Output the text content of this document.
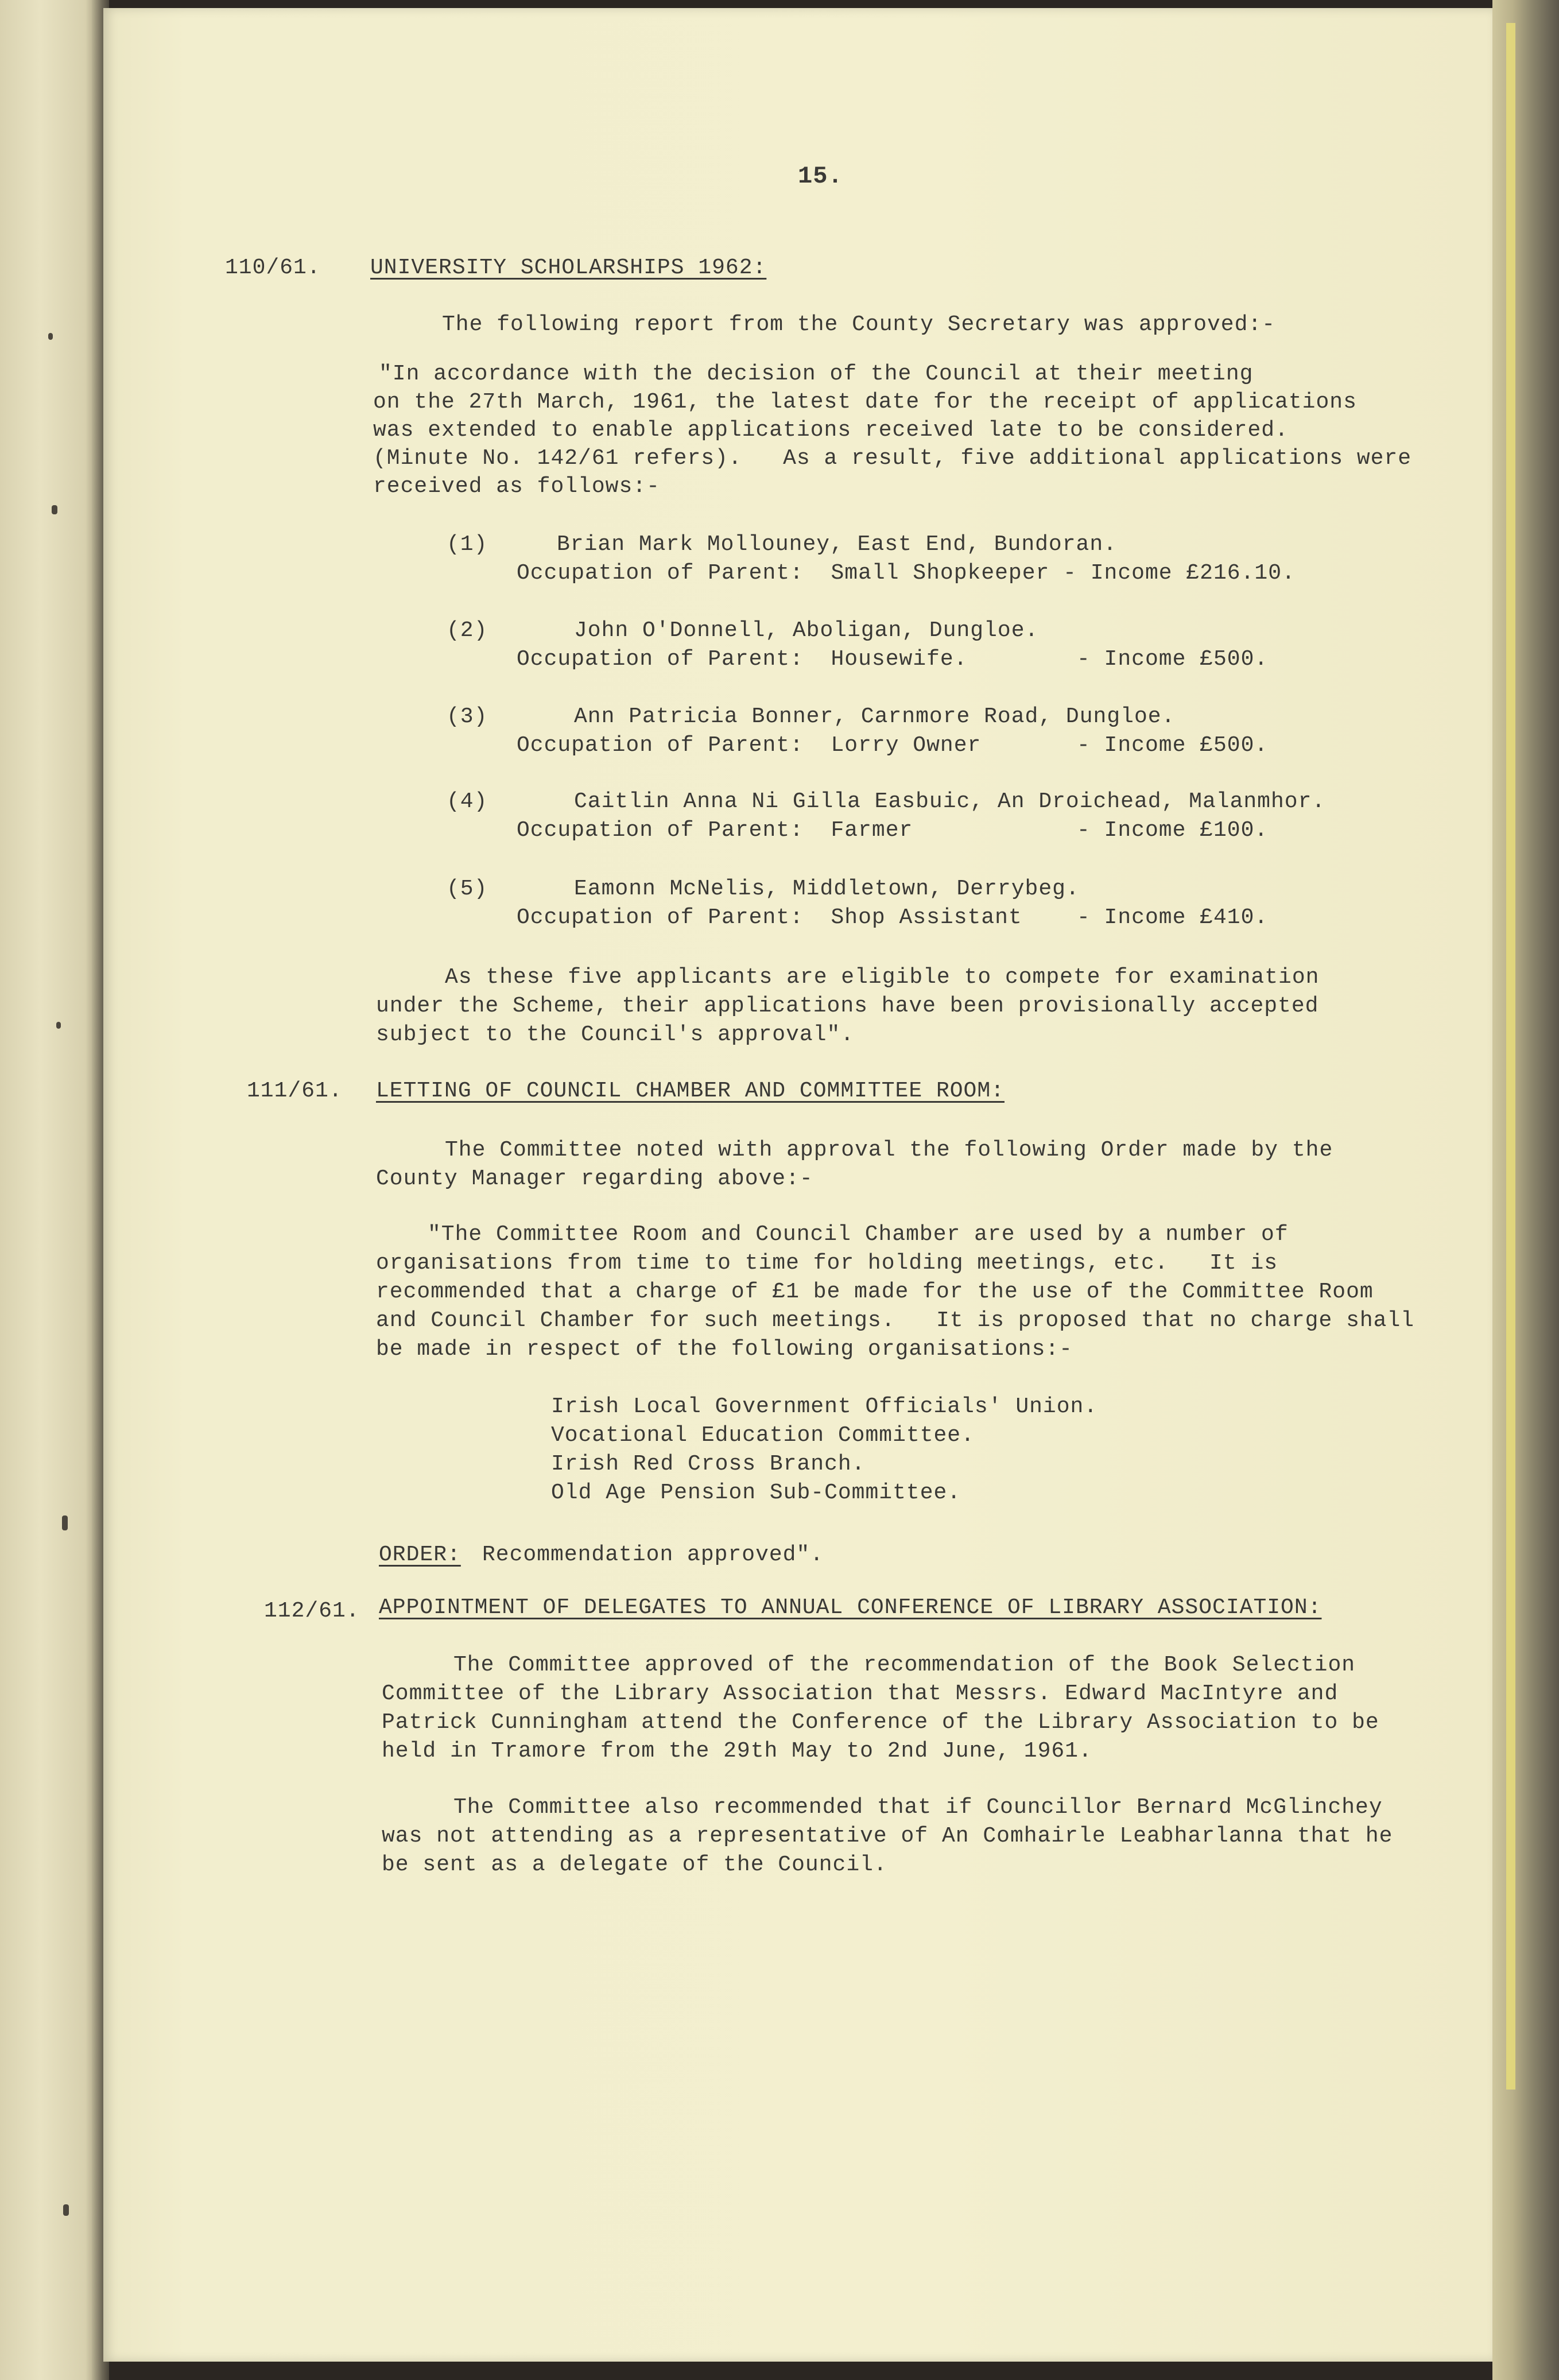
15.
110/61. UNIVERSITY SCHOLARSHIPS 1962:
The following report from the County Secretary was approved:-
"In accordance with the decision of the Council at their meeting
on the 27th March, 1961, the latest date for the receipt of applications
was extended to enable applications received late to be considered.
(Minute No. 142/61 refers).   As a result, five additional applications were
received as follows:-
(1)	Brian Mark Mollouney, East End, Bundoran.
Occupation of Parent:  Small Shopkeeper - Income £216.10.
(2)	John O'Donnell, Aboligan, Dungloe.
Occupation of Parent:  Housewife.        - Income £500.
(3)	Ann Patricia Bonner, Carnmore Road, Dungloe.
Occupation of Parent:  Lorry Owner       - Income £500.
(4)	Caitlin Anna Ni Gilla Easbuic, An Droichead, Malanmhor.
Occupation of Parent:  Farmer            - Income £100.
(5)	Eamonn McNelis, Middletown, Derrybeg.
Occupation of Parent:  Shop Assistant    - Income £410.
As these five applicants are eligible to compete for examination
under the Scheme, their applications have been provisionally accepted
subject to the Council's approval".
111/61. LETTING OF COUNCIL CHAMBER AND COMMITTEE ROOM:
The Committee noted with approval the following Order made by the
County Manager regarding above:-
"The Committee Room and Council Chamber are used by a number of
organisations from time to time for holding meetings, etc.   It is
recommended that a charge of £1 be made for the use of the Committee Room
and Council Chamber for such meetings.   It is proposed that no charge shall
be made in respect of the following organisations:-
Irish Local Government Officials' Union.
Vocational Education Committee.
Irish Red Cross Branch.
Old Age Pension Sub-Committee.
ORDER: Recommendation approved".
112/61. APPOINTMENT OF DELEGATES TO ANNUAL CONFERENCE OF LIBRARY ASSOCIATION:
The Committee approved of the recommendation of the Book Selection
Committee of the Library Association that Messrs. Edward MacIntyre and
Patrick Cunningham attend the Conference of the Library Association to be
held in Tramore from the 29th May to 2nd June, 1961.
The Committee also recommended that if Councillor Bernard McGlinchey
was not attending as a representative of An Comhairle Leabharlanna that he
be sent as a delegate of the Council.
